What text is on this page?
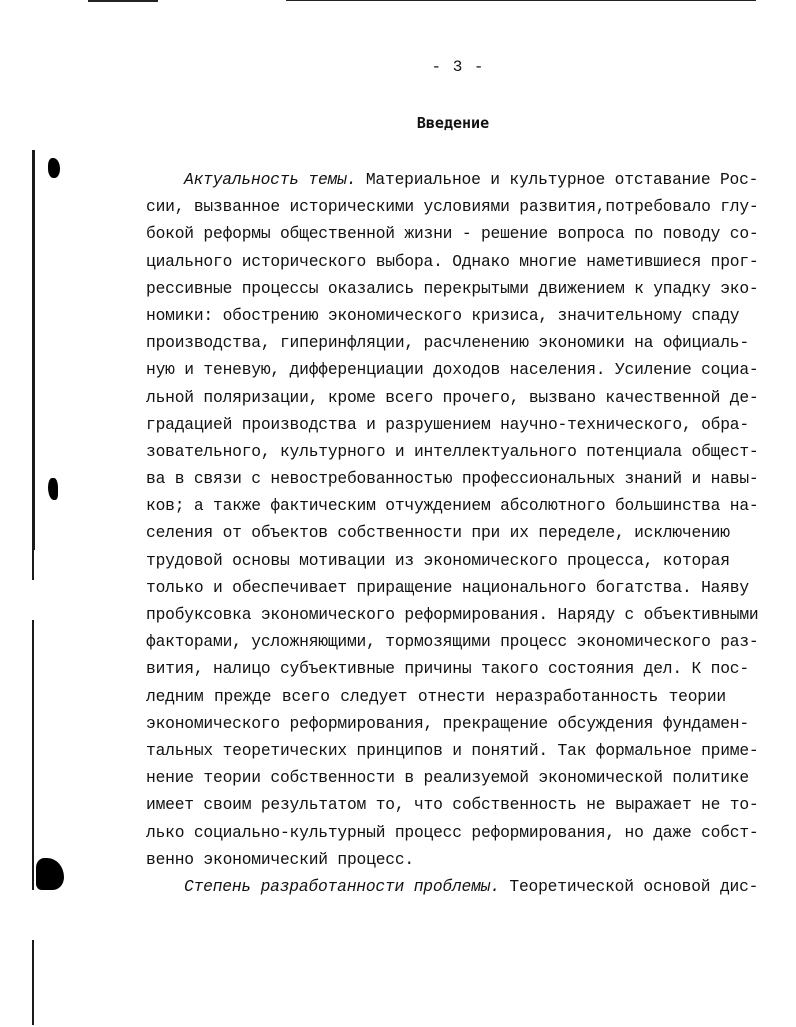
- 3 -
Введение
Актуальность темы. Материальное и культурное отставание Рос-
сии, вызванное историческими условиями развития,потребовало глу-
бокой реформы общественной жизни - решение вопроса по поводу со-
циального исторического выбора. Однако многие наметившиеся прог-
рессивные процессы оказались перекрытыми движением к упадку эко-
номики: обострению экономического кризиса, значительному спаду
производства, гиперинфляции, расчленению экономики на официаль-
ную и теневую, дифференциации доходов населения. Усиление социа-
льной поляризации, кроме всего прочего, вызвано качественной де-
градацией производства и разрушением научно-технического, обра-
зовательного, культурного и интеллектуального потенциала общест-
ва в связи с невостребованностью профессиональных знаний и навы-
ков; а также фактическим отчуждением абсолютного большинства на-
селения от объектов собственности при их переделе, исключению
трудовой основы мотивации из экономического процесса, которая
только и обеспечивает приращение национального богатства. Наяву
пробуксовка экономического реформирования. Наряду с объективными
факторами, усложняющими, тормозящими процесс экономического раз-
вития, налицо субъективные причины такого состояния дел. К пос-
ледним прежде всего следует отнести неразработанность теории
экономического реформирования, прекращение обсуждения фундамен-
тальных теоретических принципов и понятий. Так формальное приме-
нение теории собственности в реализуемой экономической политике
имеет своим результатом то, что собственность не выражает не то-
лько социально-культурный процесс реформирования, но даже собст-
венно экономический процесс.
Степень разработанности проблемы. Теоретической основой дис-
